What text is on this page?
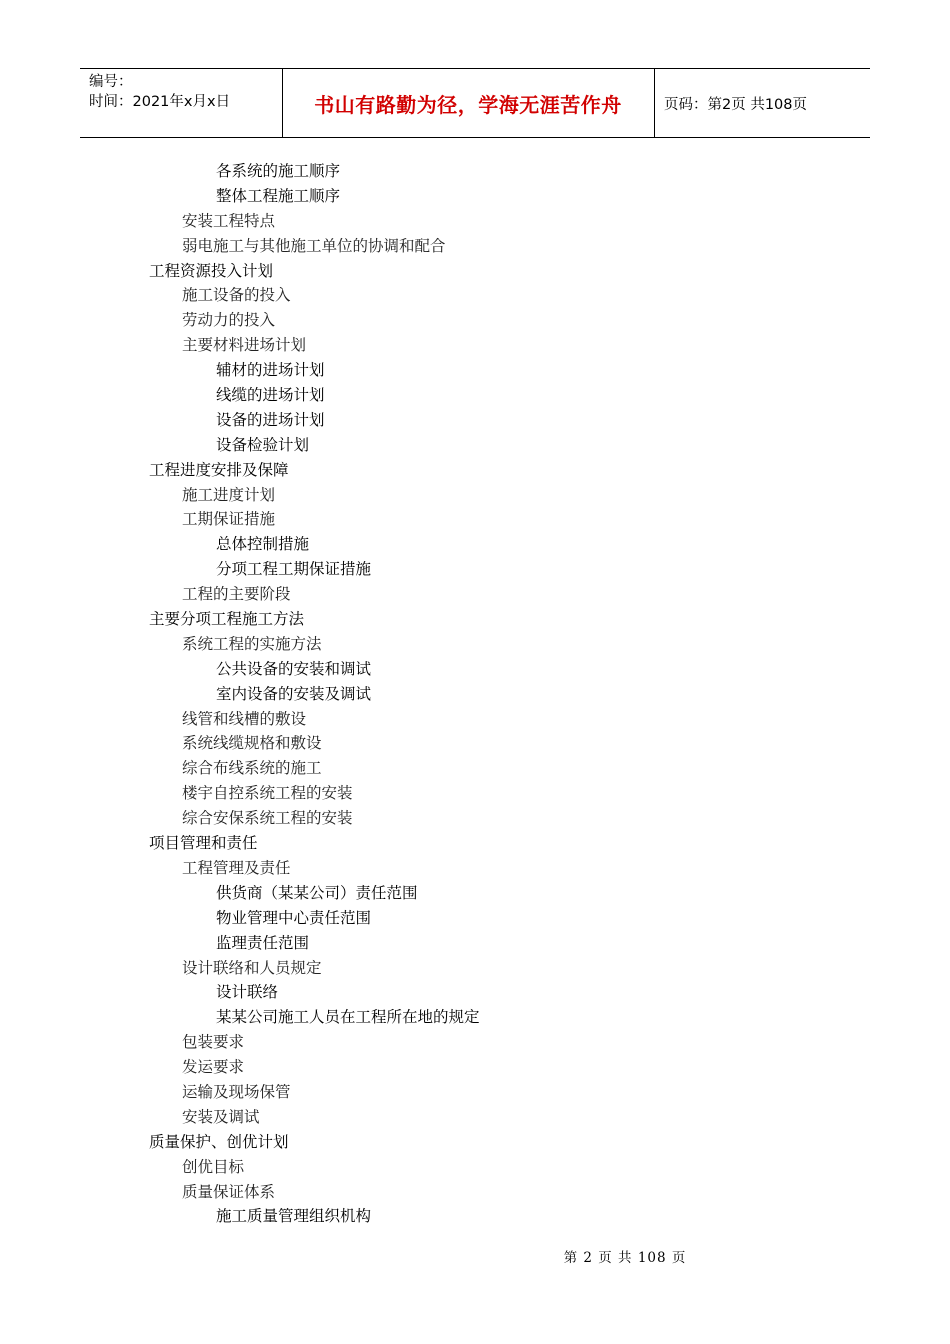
编号：
时间：2021年x月x日	书山有路勤为径，学海无涯苦作舟	页码：第2页 共108页
各系统的施工顺序
整体工程施工顺序
安装工程特点
弱电施工与其他施工单位的协调和配合
工程资源投入计划
施工设备的投入
劳动力的投入
主要材料进场计划
辅材的进场计划
线缆的进场计划
设备的进场计划
设备检验计划
工程进度安排及保障
施工进度计划
工期保证措施
总体控制措施
分项工程工期保证措施
工程的主要阶段
主要分项工程施工方法
系统工程的实施方法
公共设备的安装和调试
室内设备的安装及调试
线管和线槽的敷设
系统线缆规格和敷设
综合布线系统的施工
楼宇自控系统工程的安装
综合安保系统工程的安装
项目管理和责任
工程管理及责任
供货商（某某公司）责任范围
物业管理中心责任范围
监理责任范围
设计联络和人员规定
设计联络
某某公司施工人员在工程所在地的规定
包装要求
发运要求
运输及现场保管
安装及调试
质量保护、创优计划
创优目标
质量保证体系
施工质量管理组织机构
第 2 页 共 108 页
